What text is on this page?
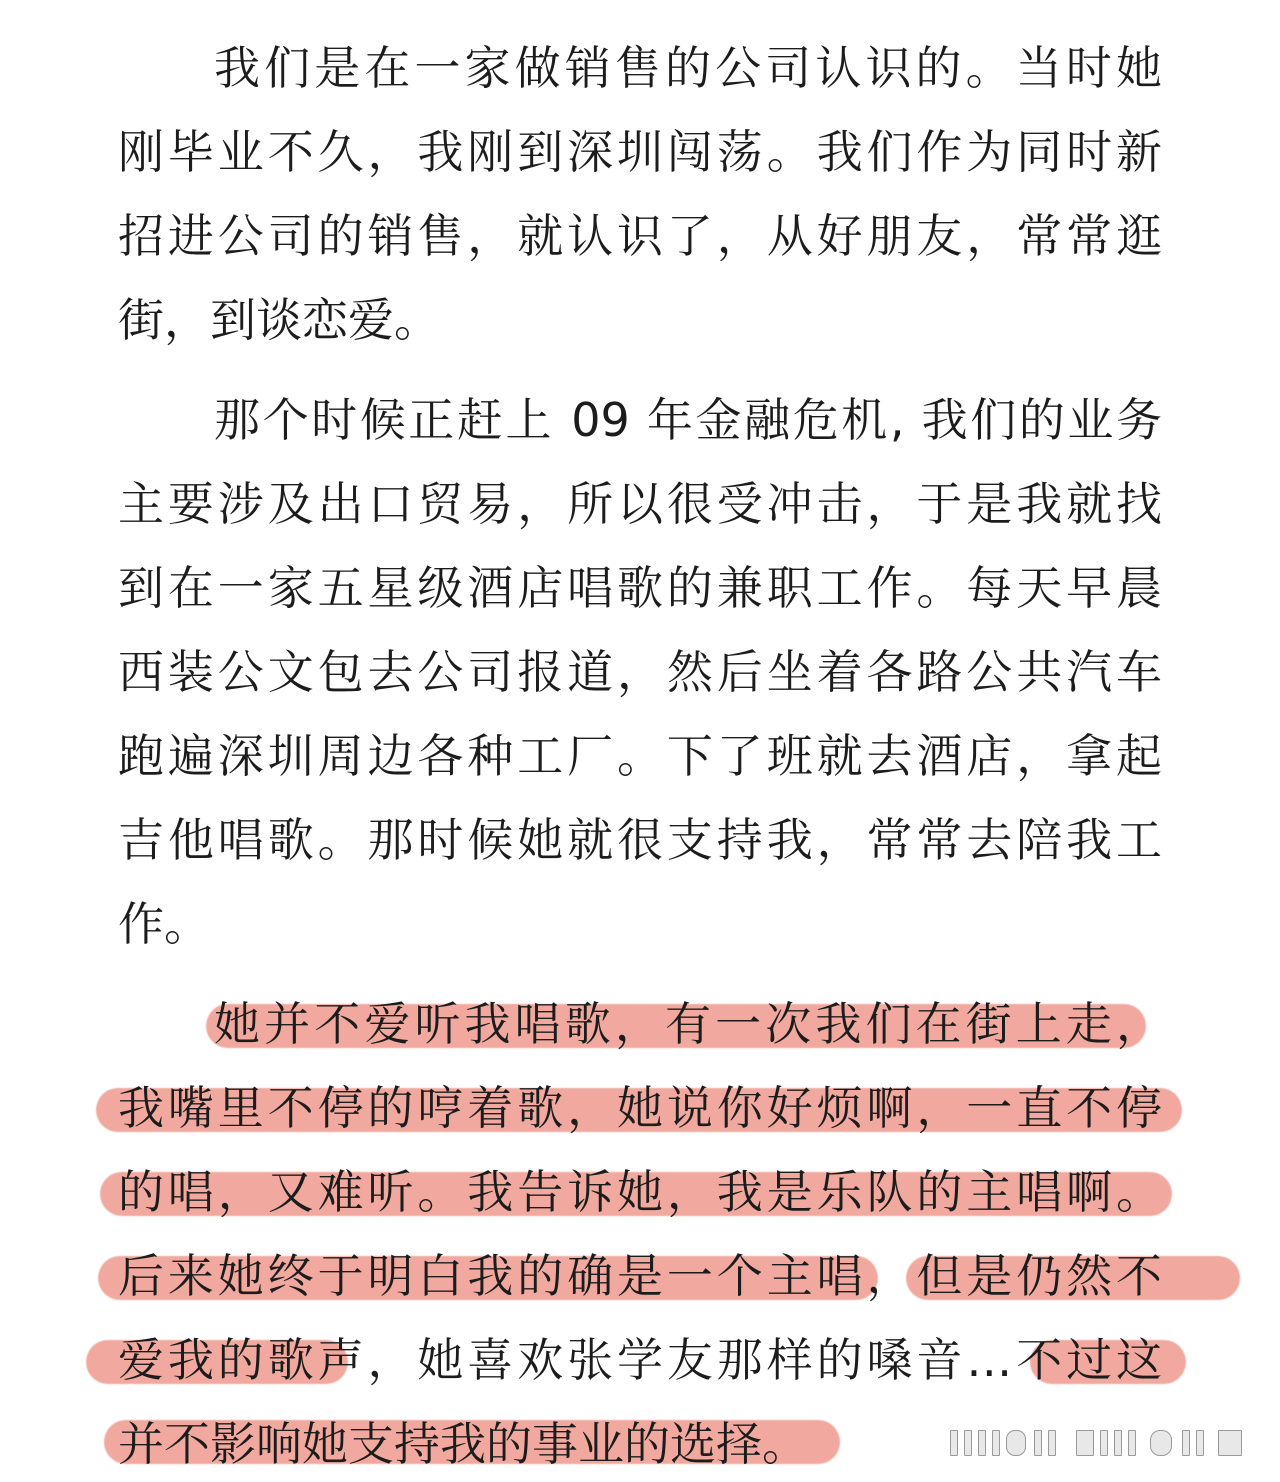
我们是在一家做销售的公司认识的。当时她
刚毕业不久，我刚到深圳闯荡。我们作为同时新
招进公司的销售，就认识了，从好朋友，常常逛
街，到谈恋爱。
那个时候正赶上 09 年金融危机, 我们的业务
主要涉及出口贸易，所以很受冲击，于是我就找
到在一家五星级酒店唱歌的兼职工作。每天早晨
西装公文包去公司报道，然后坐着各路公共汽车
跑遍深圳周边各种工厂。下了班就去酒店，拿起
吉他唱歌。那时候她就很支持我，常常去陪我工
作。
她并不爱听我唱歌，有一次我们在街上走，
我嘴里不停的哼着歌，她说你好烦啊，一直不停
的唱，又难听。我告诉她，我是乐队的主唱啊。
后来她终于明白我的确是一个主唱，但是仍然不
爱我的歌声，她喜欢张学友那样的嗓音…不过这
并不影响她支持我的事业的选择。
